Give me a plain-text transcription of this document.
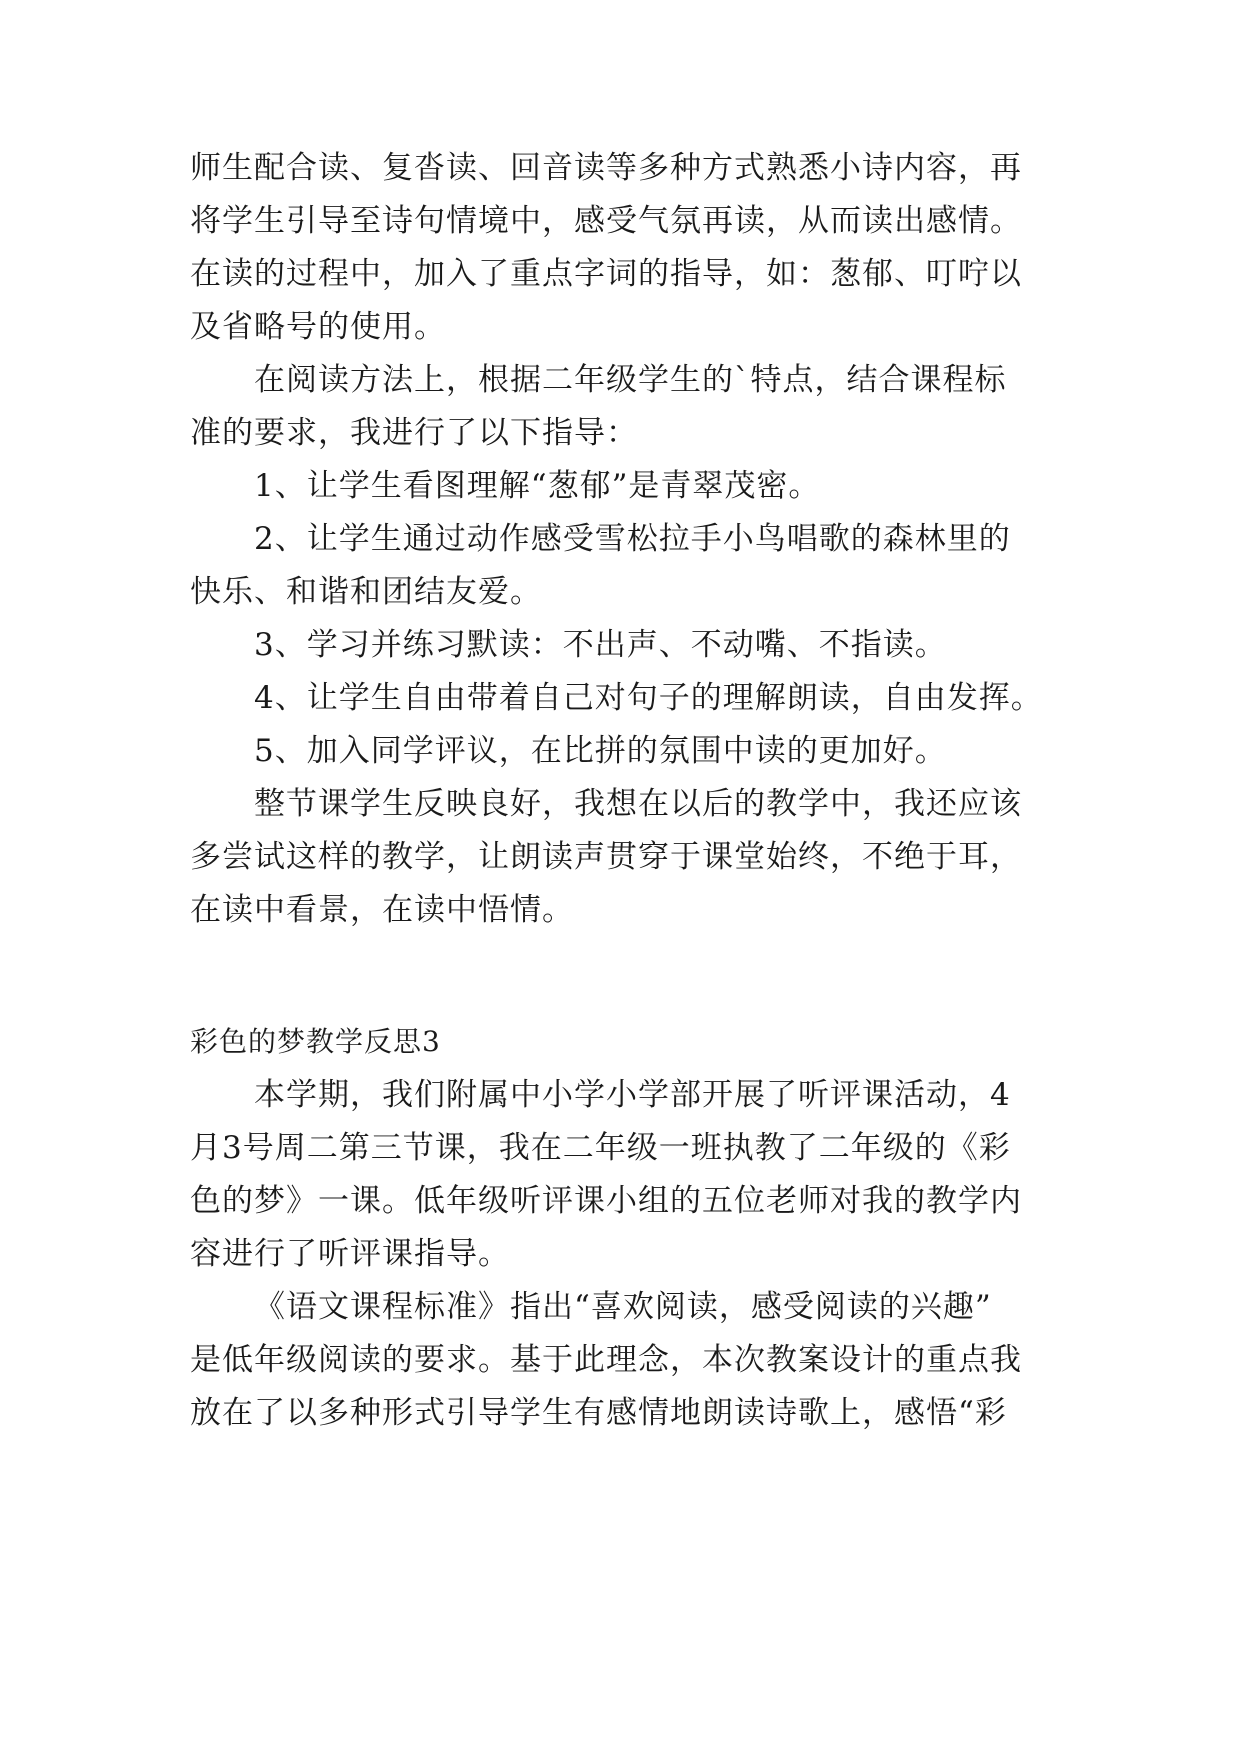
师生配合读、复沓读、回音读等多种方式熟悉小诗内容，再
将学生引导至诗句情境中，感受气氛再读，从而读出感情。
在读的过程中，加入了重点字词的指导，如：葱郁、叮咛以
及省略号的使用。
在阅读方法上，根据二年级学生的`特点，结合课程标
准的要求，我进行了以下指导：
1、让学生看图理解“葱郁”是青翠茂密。
2、让学生通过动作感受雪松拉手小鸟唱歌的森林里的
快乐、和谐和团结友爱。
3、学习并练习默读：不出声、不动嘴、不指读。
4、让学生自由带着自己对句子的理解朗读，自由发挥。
5、加入同学评议，在比拼的氛围中读的更加好。
整节课学生反映良好，我想在以后的教学中，我还应该
多尝试这样的教学，让朗读声贯穿于课堂始终，不绝于耳，
在读中看景，在读中悟情。
彩色的梦教学反思3
本学期，我们附属中小学小学部开展了听评课活动，4
月3号周二第三节课，我在二年级一班执教了二年级的《彩
色的梦》一课。低年级听评课小组的五位老师对我的教学内
容进行了听评课指导。
《语文课程标准》指出“喜欢阅读，感受阅读的兴趣”
是低年级阅读的要求。基于此理念，本次教案设计的重点我
放在了以多种形式引导学生有感情地朗读诗歌上，感悟“彩
